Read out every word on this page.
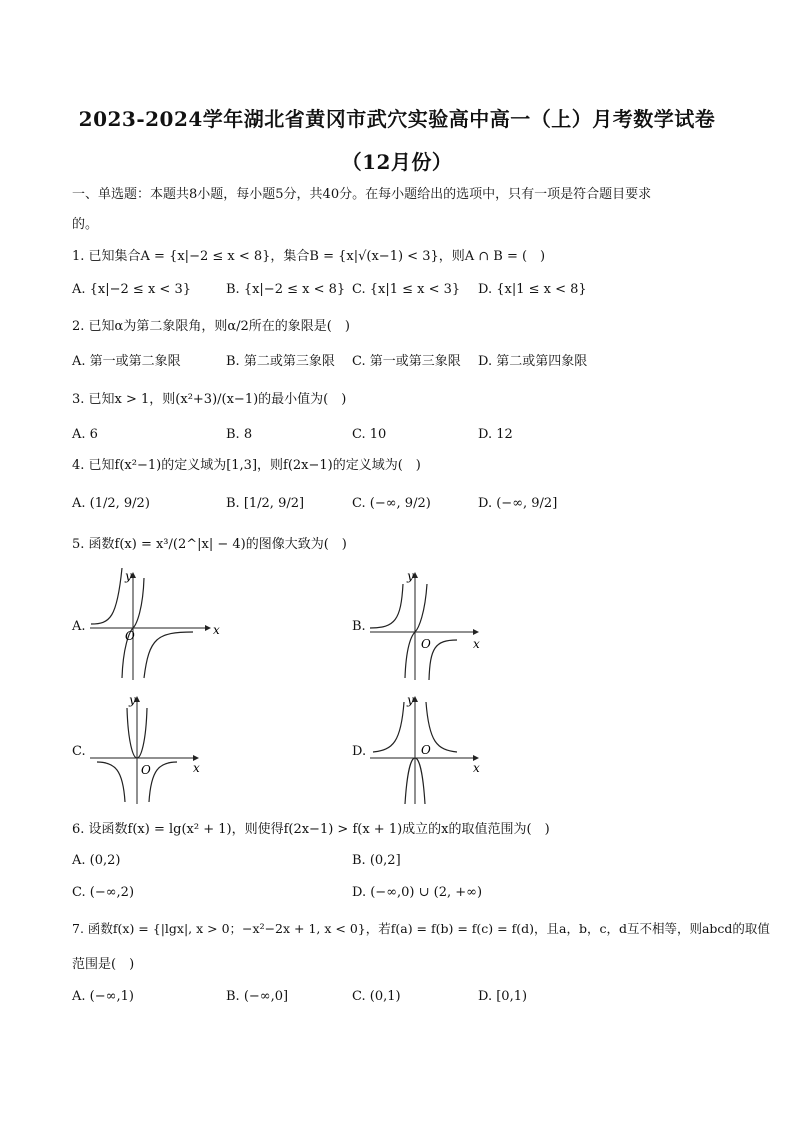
2023-2024学年湖北省黄冈市武穴实验高中高一（上）月考数学试卷
（12月份）
一、单选题：本题共8小题，每小题5分，共40分。在每小题给出的选项中，只有一项是符合题目要求
的。
1. 已知集合A = {x|−2 ≤ x < 8}，集合B = {x|√(x−1) < 3}，则A ∩ B = (　)
A. {x|−2 ≤ x < 3}	B. {x|−2 ≤ x < 8} C. {x|1 ≤ x < 3} D. {x|1 ≤ x < 8}
2. 已知α为第二象限角，则α/2所在的象限是(　)
A. 第一或第二象限	B. 第二或第三象限 C. 第一或第三象限 D. 第二或第四象限
3. 已知x > 1，则(x²+3)/(x−1)的最小值为(　)
A. 6	B. 8	C. 10	D. 12
4. 已知f(x²−1)的定义域为[1,3]，则f(2x−1)的定义域为(　)
A. (1/2, 9/2)	B. [1/2, 9/2]	C. (−∞, 9/2)	D. (−∞, 9/2]
5. 函数f(x) = x³/(2^|x| − 4)的图像大致为(　)
A.
O	x
y
B.
O	x
y
C.
O	x
y
D.	O
x
y
6. 设函数f(x) = lg(x² + 1)，则使得f(2x−1) > f(x + 1)成立的x的取值范围为(　)
A. (0,2)	B. (0,2]
C. (−∞,2)	D. (−∞,0) ∪ (2, +∞)
7. 函数f(x) = {|lgx|, x > 0；−x²−2x + 1, x < 0}，若f(a) = f(b) = f(c) = f(d)，且a，b，c，d互不相等，则abcd的取值
范围是(　)
A. (−∞,1)	B. (−∞,0]	C. (0,1)	D. [0,1)
